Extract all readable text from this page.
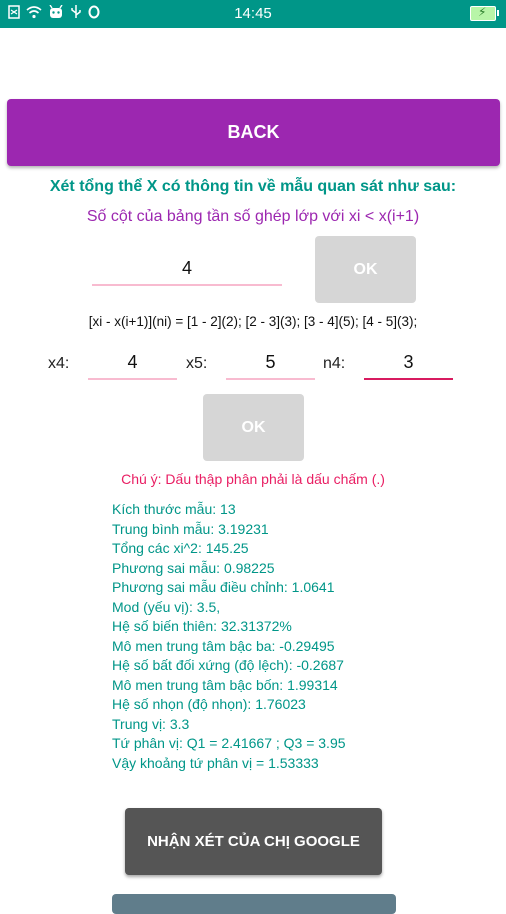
14:45	⚡
BACK
Xét tổng thể X có thông tin về mẫu quan sát như sau:
Số cột của bảng tần số ghép lớp với xi < x(i+1)
4	OK
[xi - x(i+1)](ni) = [1 - 2](2); [2 - 3](3); [3 - 4](5); [4 - 5](3);
x4:	4	x5:	5	n4:	3
OK
Chú ý: Dấu thập phân phải là dấu chấm (.)
Kích thước mẫu: 13
Trung bình mẫu: 3.19231
Tổng các xi^2: 145.25
Phương sai mẫu: 0.98225
Phương sai mẫu điều chỉnh: 1.0641
Mod (yếu vị): 3.5,
Hệ số biến thiên: 32.31372%
Mô men trung tâm bậc ba: -0.29495
Hệ số bất đối xứng (độ lệch): -0.2687
Mô men trung tâm bậc bốn: 1.99314
Hệ số nhọn (độ nhọn): 1.76023
Trung vị: 3.3
Tứ phân vị: Q1 = 2.41667 ; Q3 = 3.95
Vậy khoảng tứ phân vị = 1.53333
NHẬN XÉT CỦA CHỊ GOOGLE
